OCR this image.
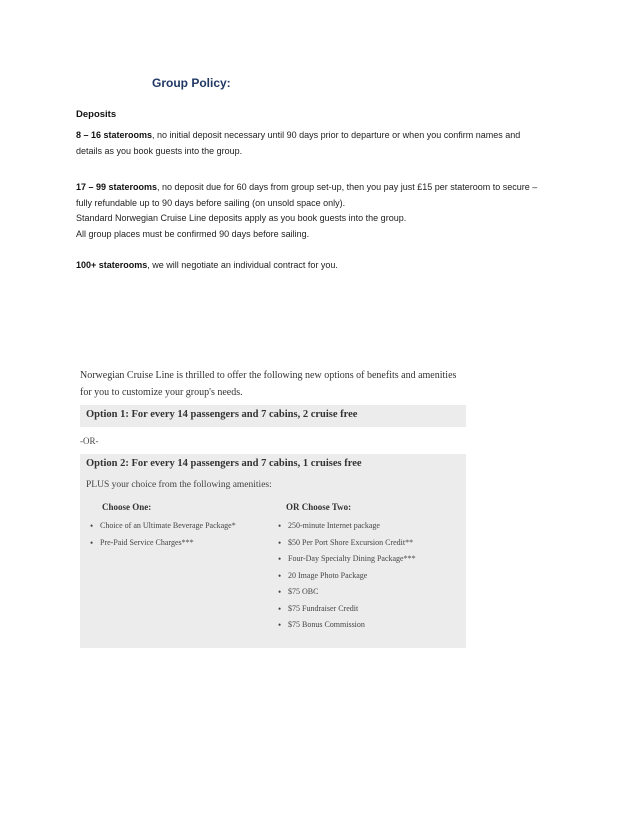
Group Policy:
Deposits
8 – 16 staterooms, no initial deposit necessary until 90 days prior to departure or when you confirm names and details as you book guests into the group.
17 – 99 staterooms, no deposit due for 60 days from group set-up, then you pay just £15 per stateroom to secure – fully refundable up to 90 days before sailing (on unsold space only).
Standard Norwegian Cruise Line deposits apply as you book guests into the group.
All group places must be confirmed 90 days before sailing.
100+ staterooms, we will negotiate an individual contract for you.
Norwegian Cruise Line is thrilled to offer the following new options of benefits and amenities for you to customize your group's needs.
Option 1: For every 14 passengers and 7 cabins, 2 cruise free
-OR-
Option 2: For every 14 passengers and 7 cabins, 1 cruises free
PLUS your choice from the following amenities:
Choose One:
• Choice of an Ultimate Beverage Package*
• Pre-Paid Service Charges***
OR Choose Two:
• 250-minute Internet package
• $50 Per Port Shore Excursion Credit**
• Four-Day Specialty Dining Package***
• 20 Image Photo Package
• $75 OBC
• $75 Fundraiser Credit
• $75 Bonus Commission
